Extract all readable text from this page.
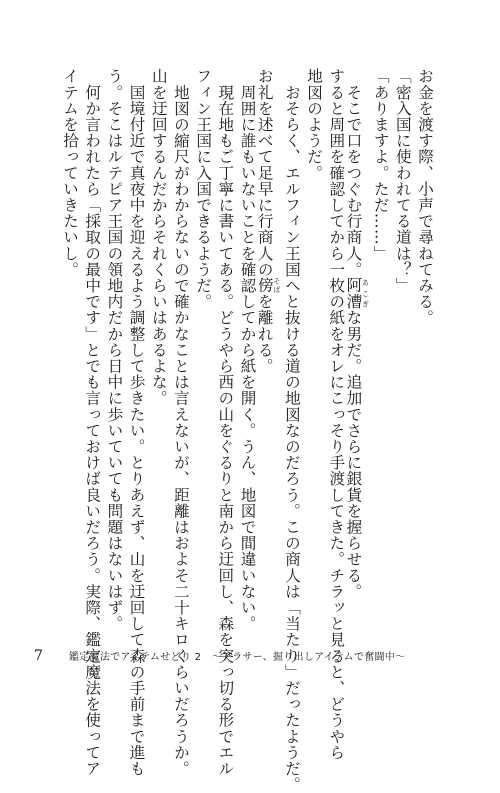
お金を渡す際、小声で尋ねてみる。
「密入国に使われてる道は？」
「ありますよ。ただ……」
　そこで口をつぐむ行商人。阿漕 あこぎな男だ。追加でさらに銀貨を握らせる。
すると周囲を確認してから一枚の紙をオレにこっそり手渡してきた。チラッと見ると、どうやら
地図のようだ。
　おそらく、エルフィン王国へと抜ける道の地図なのだろう。この商人は「当たり」だったようだ。
お礼を述べて足早に行商人の傍 そばを離れる。
　周囲に誰もいないことを確認してから紙を開く。うん、地図で間違いない。
　現在地もご丁寧に書いてある。どうやら西の山をぐるりと南から迂回し、森を突っ切る形でエル
フィン王国に入国できるようだ。
　地図の縮尺がわからないので確かなことは言えないが、距離はおよそ二十キロくらいだろうか。
山を迂回するんだからそれくらいはあるよな。
　国境付近で真夜中を迎えるよう調整して歩きたい。とりあえず、山を迂回して森の手前まで進も
う。そこはルテピア王国の領地内だから日中に歩いていても問題はないはず。
　何か言われたら「採取の最中です」とでも言っておけば良いだろう。実際、鑑定魔法を使ってア
イテムを拾っていきたいし。
7	鑑定魔法でアイテムせどり 2　～アラサー、掘り出しアイテムで奮闘中～
